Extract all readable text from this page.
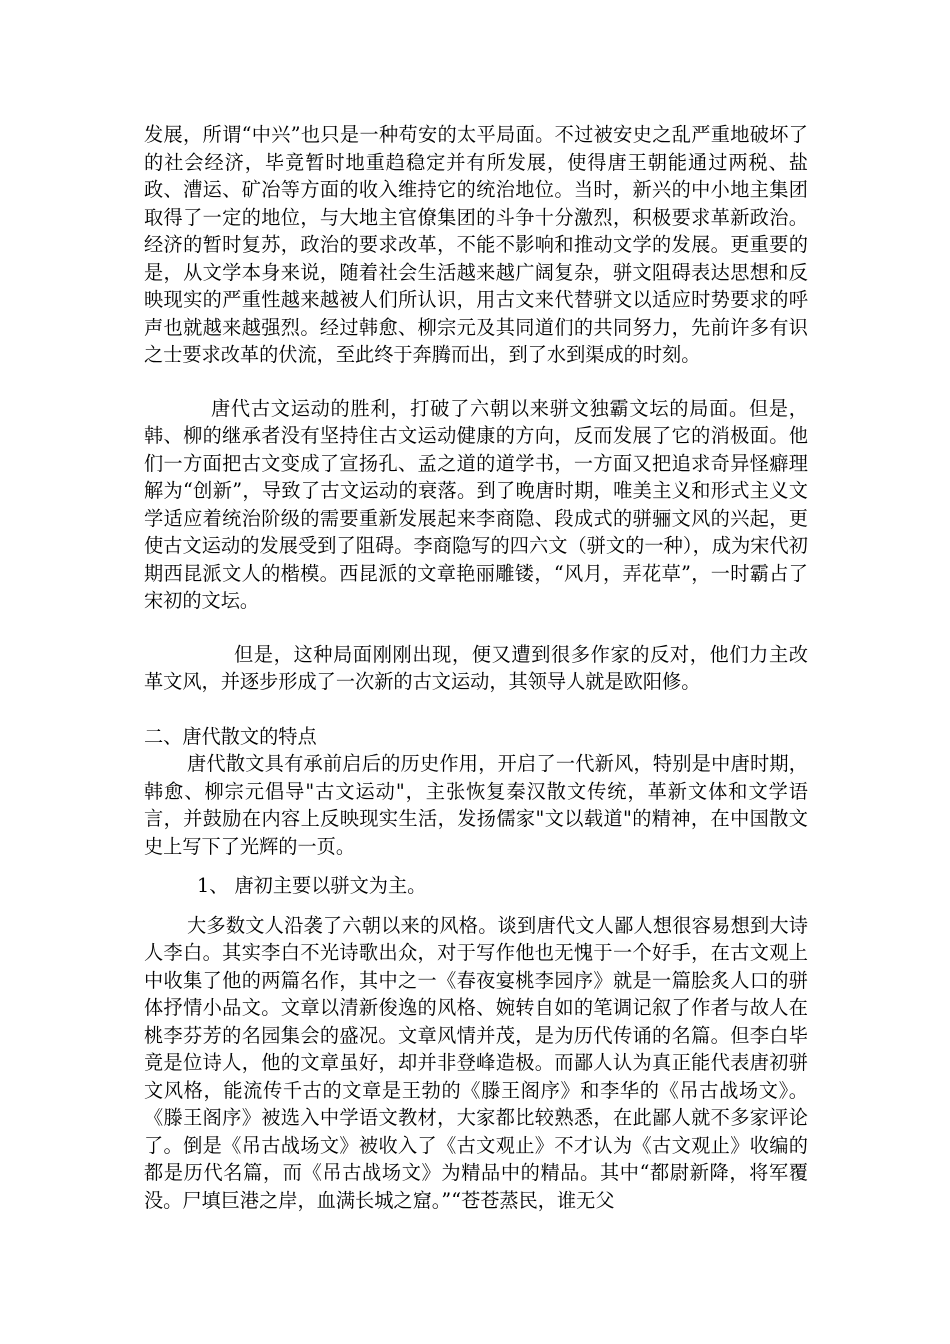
发展，所谓“中兴”也只是一种苟安的太平局面。不过被安史之乱严重地破坏了的社会经济，毕竟暂时地重趋稳定并有所发展，使得唐王朝能通过两税、盐政、漕运、矿冶等方面的收入维持它的统治地位。当时，新兴的中小地主集团取得了一定的地位，与大地主官僚集团的斗争十分激烈，积极要求革新政治。经济的暂时复苏，政治的要求改革，不能不影响和推动文学的发展。更重要的是，从文学本身来说，随着社会生活越来越广阔复杂，骈文阻碍表达思想和反映现实的严重性越来越被人们所认识，用古文来代替骈文以适应时势要求的呼声也就越来越强烈。经过韩愈、柳宗元及其同道们的共同努力，先前许多有识之士要求改革的伏流，至此终于奔腾而出，到了水到渠成的时刻。

唐代古文运动的胜利，打破了六朝以来骈文独霸文坛的局面。但是，韩、柳的继承者没有坚持住古文运动健康的方向，反而发展了它的消极面。他们一方面把古文变成了宣扬孔、孟之道的道学书，一方面又把追求奇异怪癖理解为“创新”，导致了古文运动的衰落。到了晚唐时期，唯美主义和形式主义文学适应着统治阶级的需要重新发展起来李商隐、段成式的骈骊文风的兴起，更使古文运动的发展受到了阻碍。李商隐写的四六文（骈文的一种），成为宋代初期西昆派文人的楷模。西昆派的文章艳丽雕镂，“风月，弄花草”，一时霸占了宋初的文坛。

但是，这种局面刚刚出现，便又遭到很多作家的反对，他们力主改革文风，并逐步形成了一次新的古文运动，其领导人就是欧阳修。

二、唐代散文的特点

唐代散文具有承前启后的历史作用，开启了一代新风，特别是中唐时期，韩愈、柳宗元倡导"古文运动"，主张恢复秦汉散文传统，革新文体和文学语言，并鼓励在内容上反映现实生活，发扬儒家"文以载道"的精神，在中国散文史上写下了光辉的一页。

1、 唐初主要以骈文为主。

大多数文人沿袭了六朝以来的风格。谈到唐代文人鄙人想很容易想到大诗人李白。其实李白不光诗歌出众，对于写作他也无愧于一个好手，在古文观上中收集了他的两篇名作，其中之一《春夜宴桃李园序》就是一篇脍炙人口的骈体抒情小品文。文章以清新俊逸的风格、婉转自如的笔调记叙了作者与故人在桃李芬芳的名园集会的盛况。文章风情并茂，是为历代传诵的名篇。但李白毕竟是位诗人，他的文章虽好，却并非登峰造极。而鄙人认为真正能代表唐初骈文风格，能流传千古的文章是王勃的《滕王阁序》和李华的《吊古战场文》。《滕王阁序》被选入中学语文教材，大家都比较熟悉，在此鄙人就不多家评论了。倒是《吊古战场文》被收入了《古文观止》不才认为《古文观止》收编的都是历代名篇，而《吊古战场文》为精品中的精品。其中“都尉新降，将军覆没。尸填巨港之岸，血满长城之窟。”“苍苍蒸民，谁无父
